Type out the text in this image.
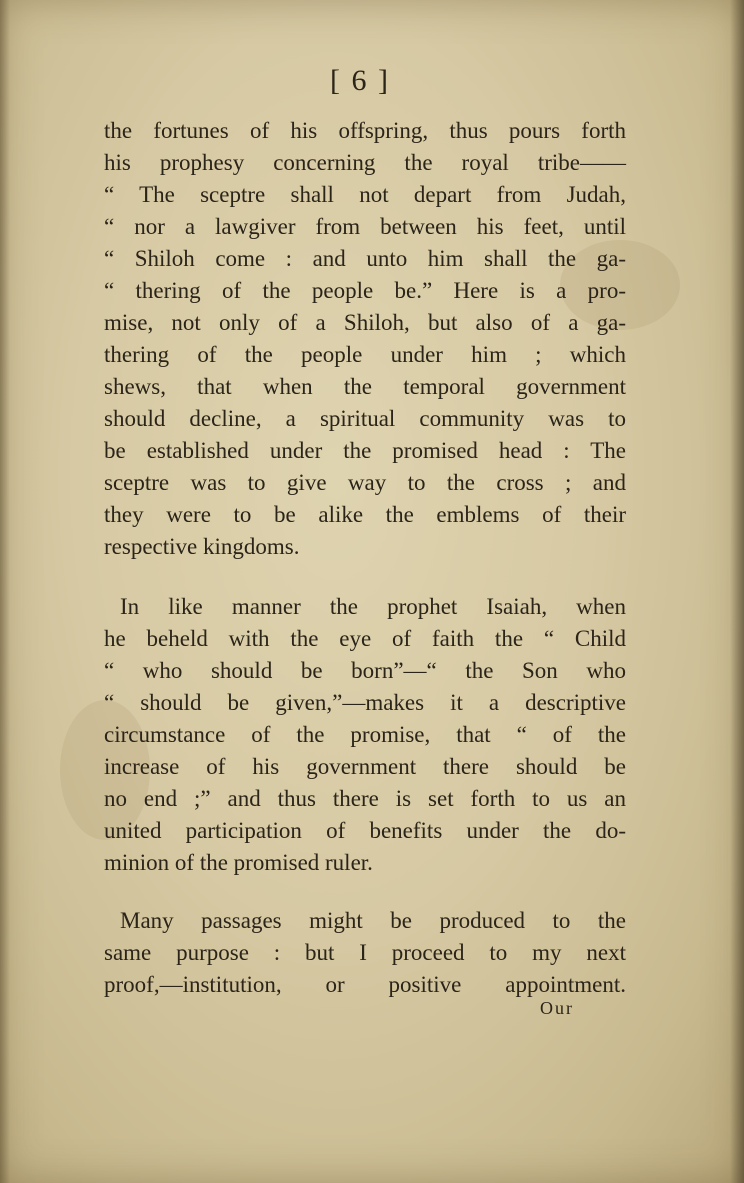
[ 6 ]
the fortunes of his offspring, thus pours forth
his prophesy concerning the royal tribe——
“ The sceptre shall not depart from Judah,
“ nor a lawgiver from between his feet, until
“ Shiloh come : and unto him shall the ga-
“ thering of the people be.” Here is a pro-
mise, not only of a Shiloh, but also of a ga-
thering of the people under him ; which
shews, that when the temporal government
should decline, a spiritual community was to
be established under the promised head : The
sceptre was to give way to the cross ; and
they were to be alike the emblems of their
respective kingdoms.
In like manner the prophet Isaiah, when
he beheld with the eye of faith the “ Child
“ who should be born”—“ the Son who
“ should be given,”—makes it a descriptive
circumstance of the promise, that “ of the
increase of his government there should be
no end ;” and thus there is set forth to us an
united participation of benefits under the do-
minion of the promised ruler.
Many passages might be produced to the
same purpose : but I proceed to my next
proof,—institution, or positive appointment.
Our
